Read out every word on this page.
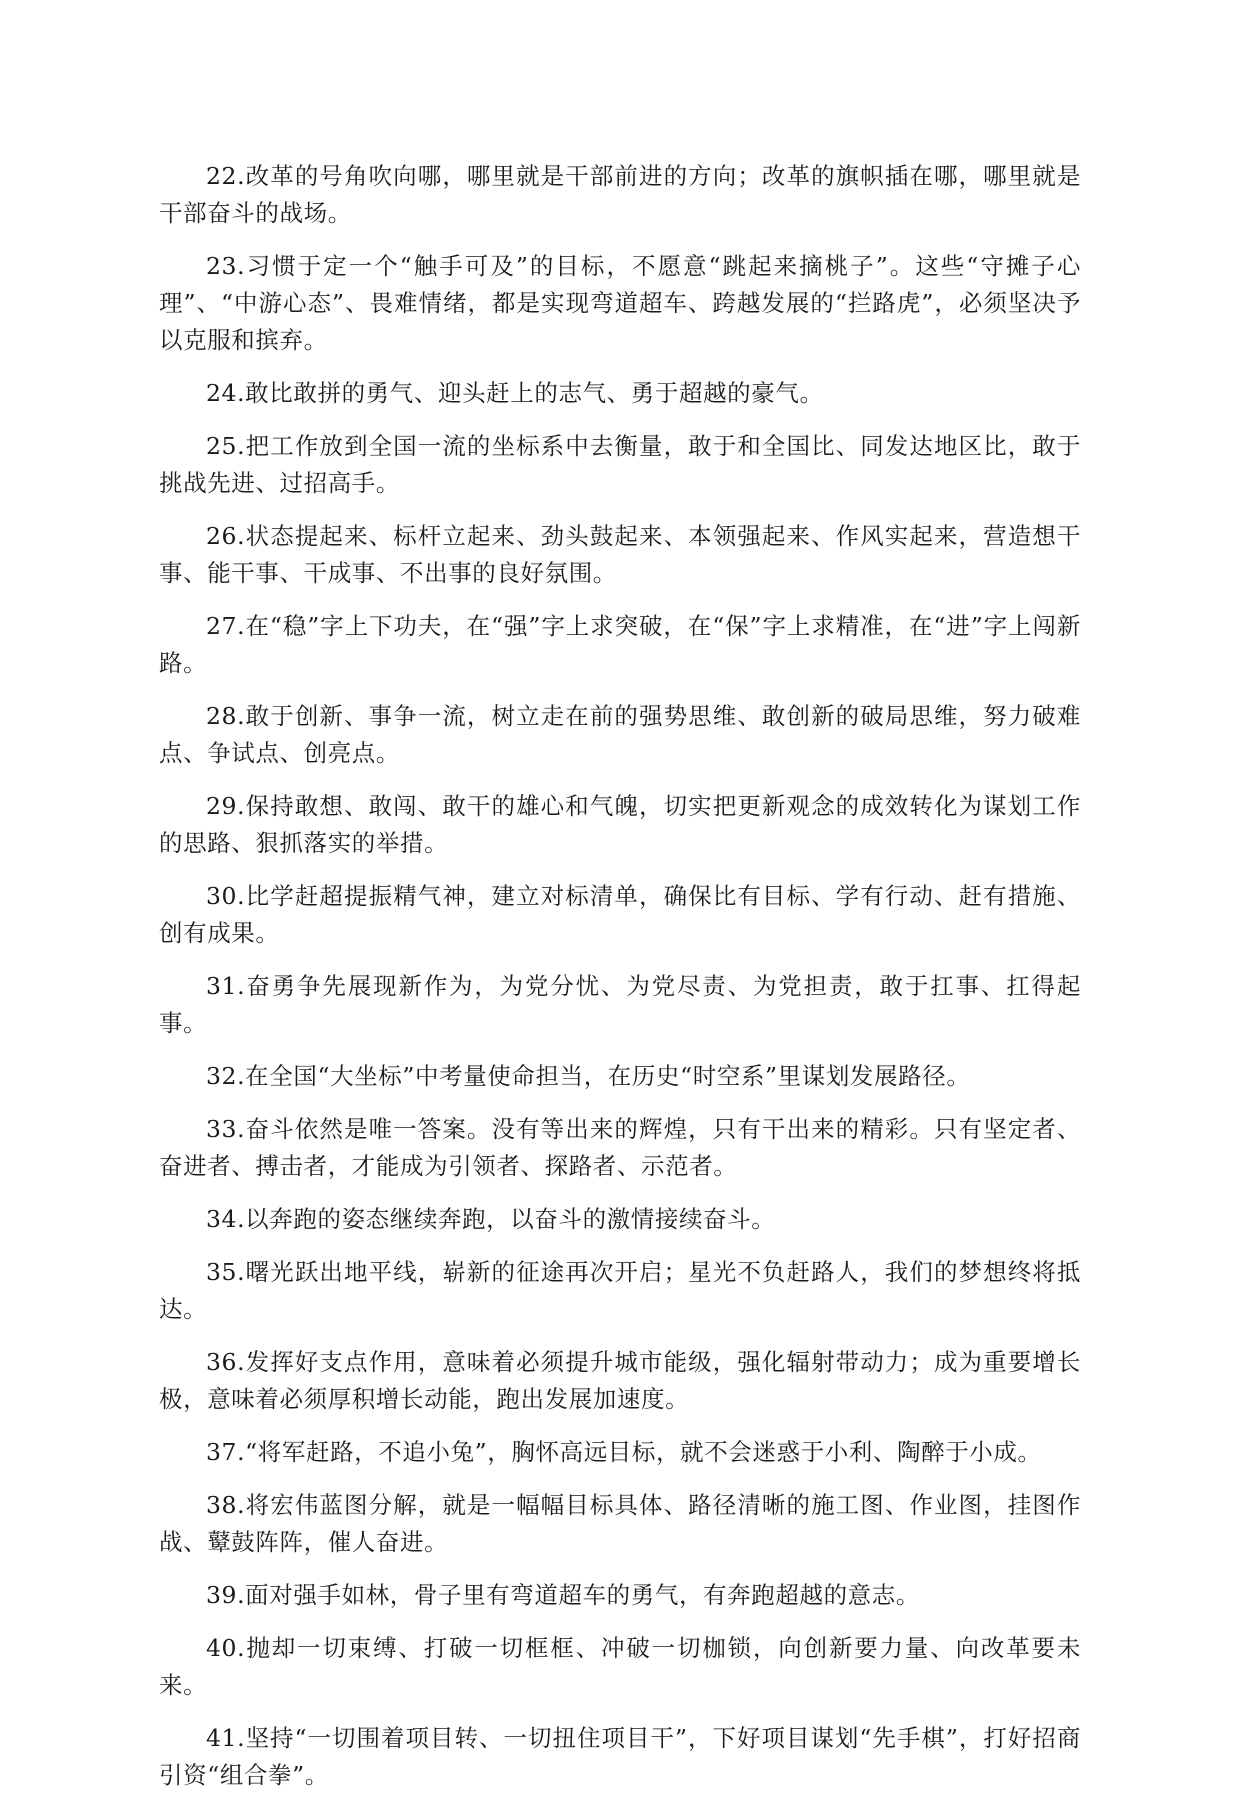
22.改革的号角吹向哪，哪里就是干部前进的方向；改革的旗帜插在哪，哪里就是干部奋斗的战场。

23.习惯于定一个“触手可及”的目标，不愿意“跳起来摘桃子”。这些“守摊子心理”、“中游心态”、畏难情绪，都是实现弯道超车、跨越发展的“拦路虎”，必须坚决予以克服和摈弃。

24.敢比敢拼的勇气、迎头赶上的志气、勇于超越的豪气。

25.把工作放到全国一流的坐标系中去衡量，敢于和全国比、同发达地区比，敢于挑战先进、过招高手。

26.状态提起来、标杆立起来、劲头鼓起来、本领强起来、作风实起来，营造想干事、能干事、干成事、不出事的良好氛围。

27.在“稳”字上下功夫，在“强”字上求突破，在“保”字上求精准，在“进”字上闯新路。

28.敢于创新、事争一流，树立走在前的强势思维、敢创新的破局思维，努力破难点、争试点、创亮点。

29.保持敢想、敢闯、敢干的雄心和气魄，切实把更新观念的成效转化为谋划工作的思路、狠抓落实的举措。

30.比学赶超提振精气神，建立对标清单，确保比有目标、学有行动、赶有措施、创有成果。

31.奋勇争先展现新作为，为党分忧、为党尽责、为党担责，敢于扛事、扛得起事。

32.在全国“大坐标”中考量使命担当，在历史“时空系”里谋划发展路径。

33.奋斗依然是唯一答案。没有等出来的辉煌，只有干出来的精彩。只有坚定者、奋进者、搏击者，才能成为引领者、探路者、示范者。

34.以奔跑的姿态继续奔跑，以奋斗的激情接续奋斗。

35.曙光跃出地平线，崭新的征途再次开启；星光不负赶路人，我们的梦想终将抵达。

36.发挥好支点作用，意味着必须提升城市能级，强化辐射带动力；成为重要增长极，意味着必须厚积增长动能，跑出发展加速度。

37.“将军赶路，不追小兔”，胸怀高远目标，就不会迷惑于小利、陶醉于小成。

38.将宏伟蓝图分解，就是一幅幅目标具体、路径清晰的施工图、作业图，挂图作战、鼙鼓阵阵，催人奋进。

39.面对强手如林，骨子里有弯道超车的勇气，有奔跑超越的意志。

40.抛却一切束缚、打破一切框框、冲破一切枷锁，向创新要力量、向改革要未来。

41.坚持“一切围着项目转、一切扭住项目干”，下好项目谋划“先手棋”，打好招商引资“组合拳”。
